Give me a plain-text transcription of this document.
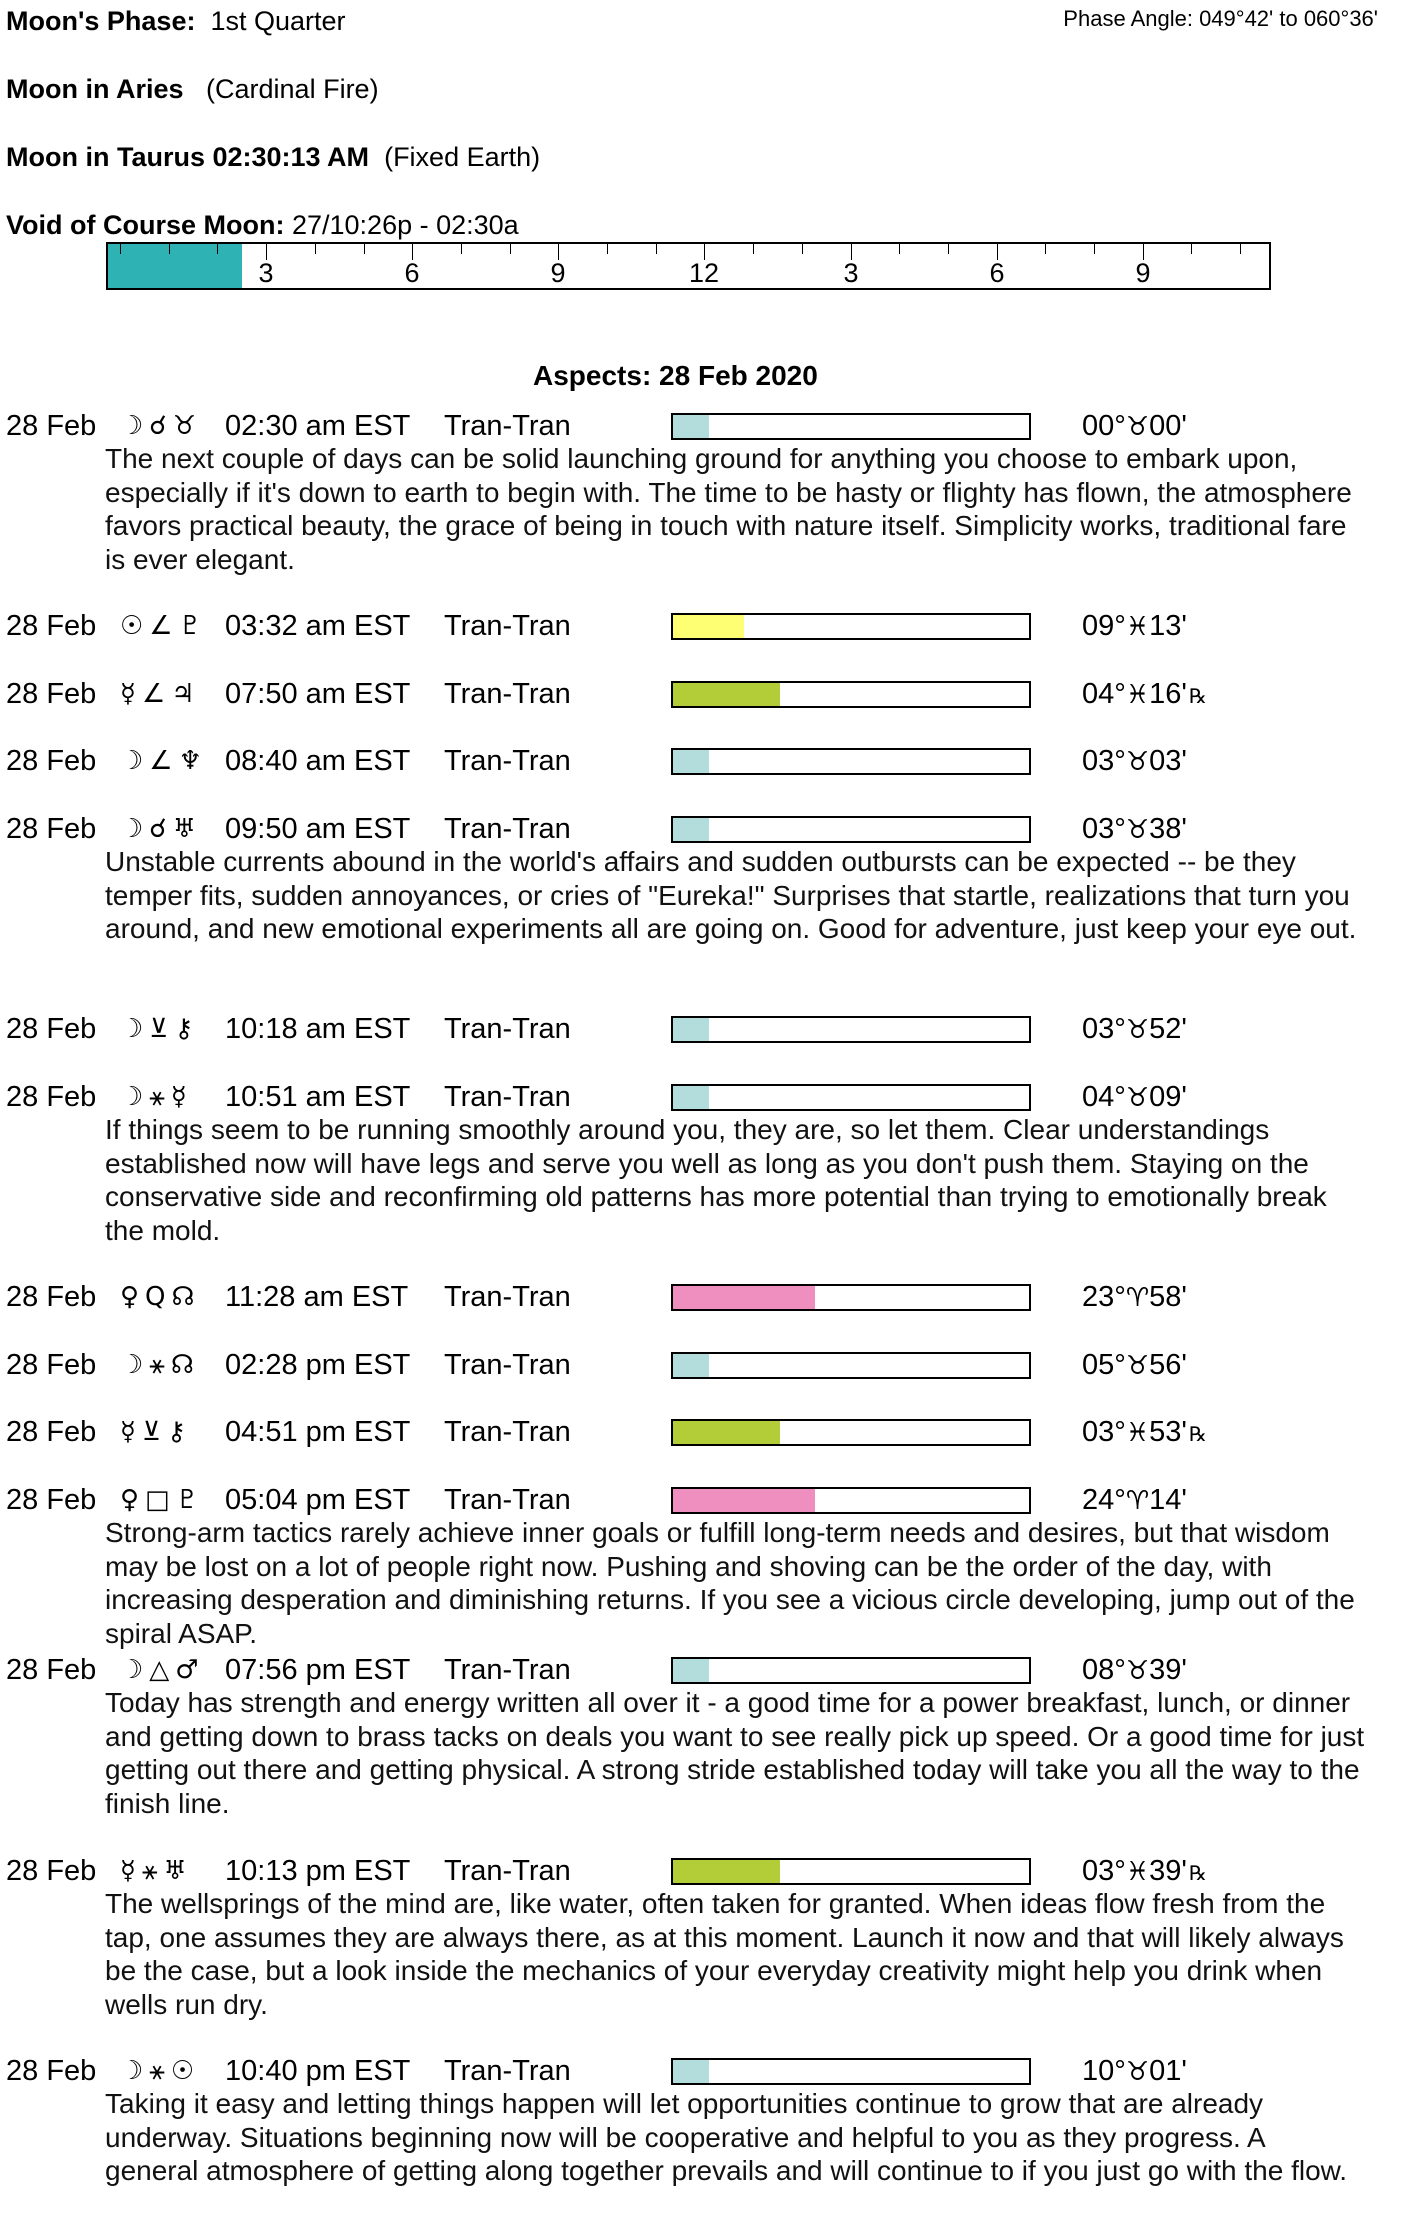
Moon's Phase: 1st Quarter	Phase Angle: 049°42' to 060°36'
Moon in Aries (Cardinal Fire)
Moon in Taurus 02:30:13 AM (Fixed Earth)
Void of Course Moon: 27/10:26p - 02:30a
3	6	9	12	3	6	9
Aspects: 28 Feb 2020
28 Feb ☽☌♉ 02:30 am EST Tran-Tran	00°♉00'
The next couple of days can be solid launching ground for anything you choose to embark upon, especially if it's down to earth to begin with. The time to be hasty or flighty has flown, the atmosphere favors practical beauty, the grace of being in touch with nature itself. Simplicity works, traditional fare is ever elegant.
28 Feb ☉∠♇ 03:32 am EST Tran-Tran	09°♓13'
28 Feb ☿∠♃ 07:50 am EST Tran-Tran	04°♓16' ℞
28 Feb ☽∠♆ 08:40 am EST Tran-Tran	03°♉03'
28 Feb ☽☌♅ 09:50 am EST Tran-Tran	03°♉38'
Unstable currents abound in the world's affairs and sudden outbursts can be expected -- be they temper fits, sudden annoyances, or cries of "Eureka!" Surprises that startle, realizations that turn you around, and new emotional experiments all are going on. Good for adventure, just keep your eye out.
28 Feb ☽⊻⚷ 10:18 am EST Tran-Tran	03°♉52'
28 Feb ☽⚹☿ 10:51 am EST Tran-Tran	04°♉09'
If things seem to be running smoothly around you, they are, so let them. Clear understandings established now will have legs and serve you well as long as you don't push them. Staying on the conservative side and reconfirming old patterns has more potential than trying to emotionally break the mold.
28 Feb ♀Q☊ 11:28 am EST Tran-Tran	23°♈58'
28 Feb ☽⚹☊ 02:28 pm EST Tran-Tran	05°♉56'
28 Feb ☿⊻⚷ 04:51 pm EST Tran-Tran	03°♓53' ℞
28 Feb ♀□♇ 05:04 pm EST Tran-Tran	24°♈14'
Strong-arm tactics rarely achieve inner goals or fulfill long-term needs and desires, but that wisdom may be lost on a lot of people right now. Pushing and shoving can be the order of the day, with increasing desperation and diminishing returns. If you see a vicious circle developing, jump out of the spiral ASAP.
28 Feb ☽△♂ 07:56 pm EST Tran-Tran	08°♉39'
Today has strength and energy written all over it - a good time for a power breakfast, lunch, or dinner and getting down to brass tacks on deals you want to see really pick up speed. Or a good time for just getting out there and getting physical. A strong stride established today will take you all the way to the finish line.
28 Feb ☿⚹♅ 10:13 pm EST Tran-Tran	03°♓39' ℞
The wellsprings of the mind are, like water, often taken for granted. When ideas flow fresh from the tap, one assumes they are always there, as at this moment. Launch it now and that will likely always be the case, but a look inside the mechanics of your everyday creativity might help you drink when wells run dry.
28 Feb ☽⚹☉ 10:40 pm EST Tran-Tran	10°♉01'
Taking it easy and letting things happen will let opportunities continue to grow that are already underway. Situations beginning now will be cooperative and helpful to you as they progress. A general atmosphere of getting along together prevails and will continue to if you just go with the flow.
